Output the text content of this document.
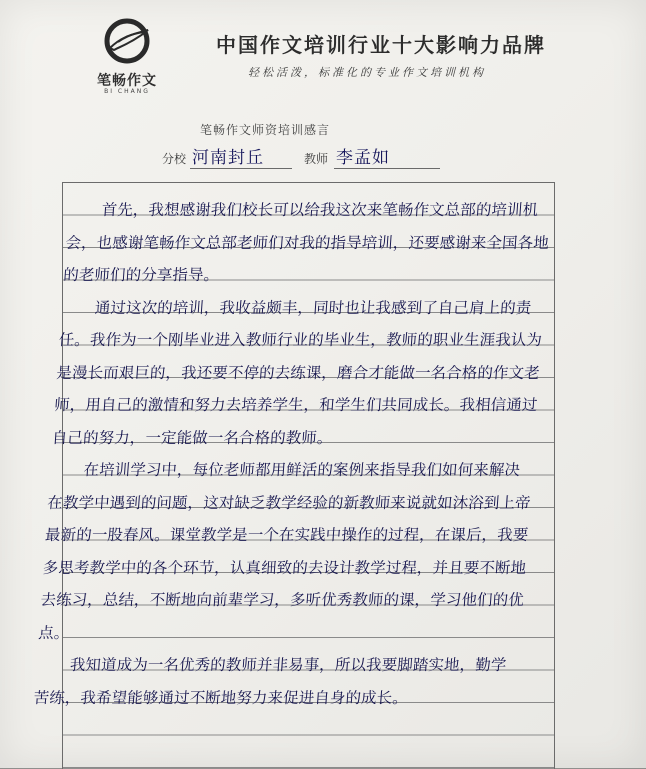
笔畅作文
BI CHANG
中国作文培训行业十大影响力品牌
轻松活泼，标准化的专业作文培训机构
笔畅作文师资培训感言
分校 河南封丘	教师 李孟如

首先，我想感谢我们校长可以给我这次来笔畅作文总部的培训机会，也感谢笔畅作文总部老师们对我的指导培训，还要感谢来全国各地的老师们的分享指导。

通过这次的培训，我收益颇丰，同时也让我感到了自己肩上的责任。我作为一个刚毕业进入教师行业的毕业生，教师的职业生涯我认为是漫长而艰巨的，我还要不停的去练课，磨合才能做一名合格的作文老师，用自己的激情和努力去培养学生，和学生们共同成长。我相信通过自己的努力，一定能做一名合格的教师。

在培训学习中，每位老师都用鲜活的案例来指导我们如何来解决在教学中遇到的问题，这对缺乏教学经验的新教师来说就如沐浴到上帝最新的一股春风。课堂教学是一个在实践中操作的过程，在课后，我要多思考教学中的各个环节，认真细致的去设计教学过程，并且要不断地去练习，总结，不断地向前辈学习，多听优秀教师的课，学习他们的优点。

我知道成为一名优秀的教师并非易事，所以我要脚踏实地，勤学苦练，我希望能够通过不断地努力来促进自身的成长。
